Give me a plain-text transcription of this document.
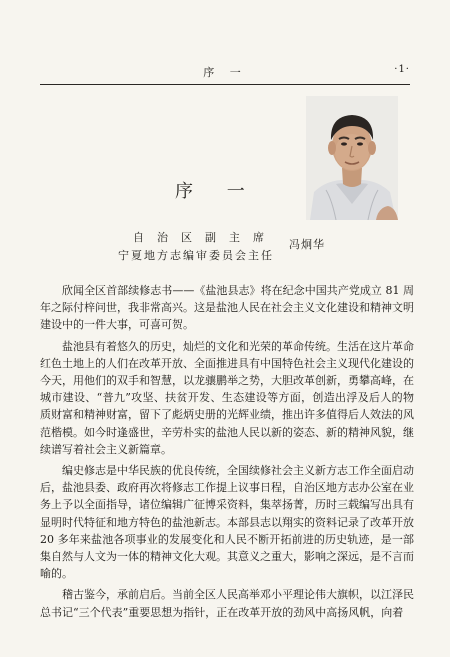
序 一	·1·
序 一
自治区副主席
宁夏地方志编审委员会主任
冯炯华

欣闻全区首部续修志书——《盐池县志》将在纪念中国共产党成立 81 周年之际付梓问世，我非常高兴。这是盐池人民在社会主义文化建设和精神文明建设中的一件大事，可喜可贺。

盐池县有着悠久的历史，灿烂的文化和光荣的革命传统。生活在这片革命红色土地上的人们在改革开放、全面推进具有中国特色社会主义现代化建设的今天，用他们的双手和智慧，以龙骧鹏举之势，大胆改革创新，勇攀高峰，在城市建设、“普九”攻坚、扶贫开发、生态建设等方面，创造出浮及后人的物质财富和精神财富，留下了彪炳史册的光辉业绩，推出许多值得后人效法的风范楷模。如今时逢盛世，辛劳朴实的盐池人民以新的姿态、新的精神风貌，继续谱写着社会主义新篇章。

编史修志是中华民族的优良传统，全国续修社会主义新方志工作全面启动后，盐池县委、政府再次将修志工作提上议事日程，自治区地方志办公室在业务上予以全面指导，诸位编辑广征博采资料，集萃扬菁，历时三载编写出具有显明时代特征和地方特色的盐池新志。本部县志以翔实的资料记录了改革开放 20 多年来盐池各项事业的发展变化和人民不断开拓前进的历史轨迹，是一部集自然与人文为一体的精神文化大观。其意义之重大，影响之深远，是不言而喻的。

稽古鉴今，承前启后。当前全区人民高举邓小平理论伟大旗帜，以江泽民总书记“三个代表”重要思想为指针，正在改革开放的劲风中高扬风帆，向着
